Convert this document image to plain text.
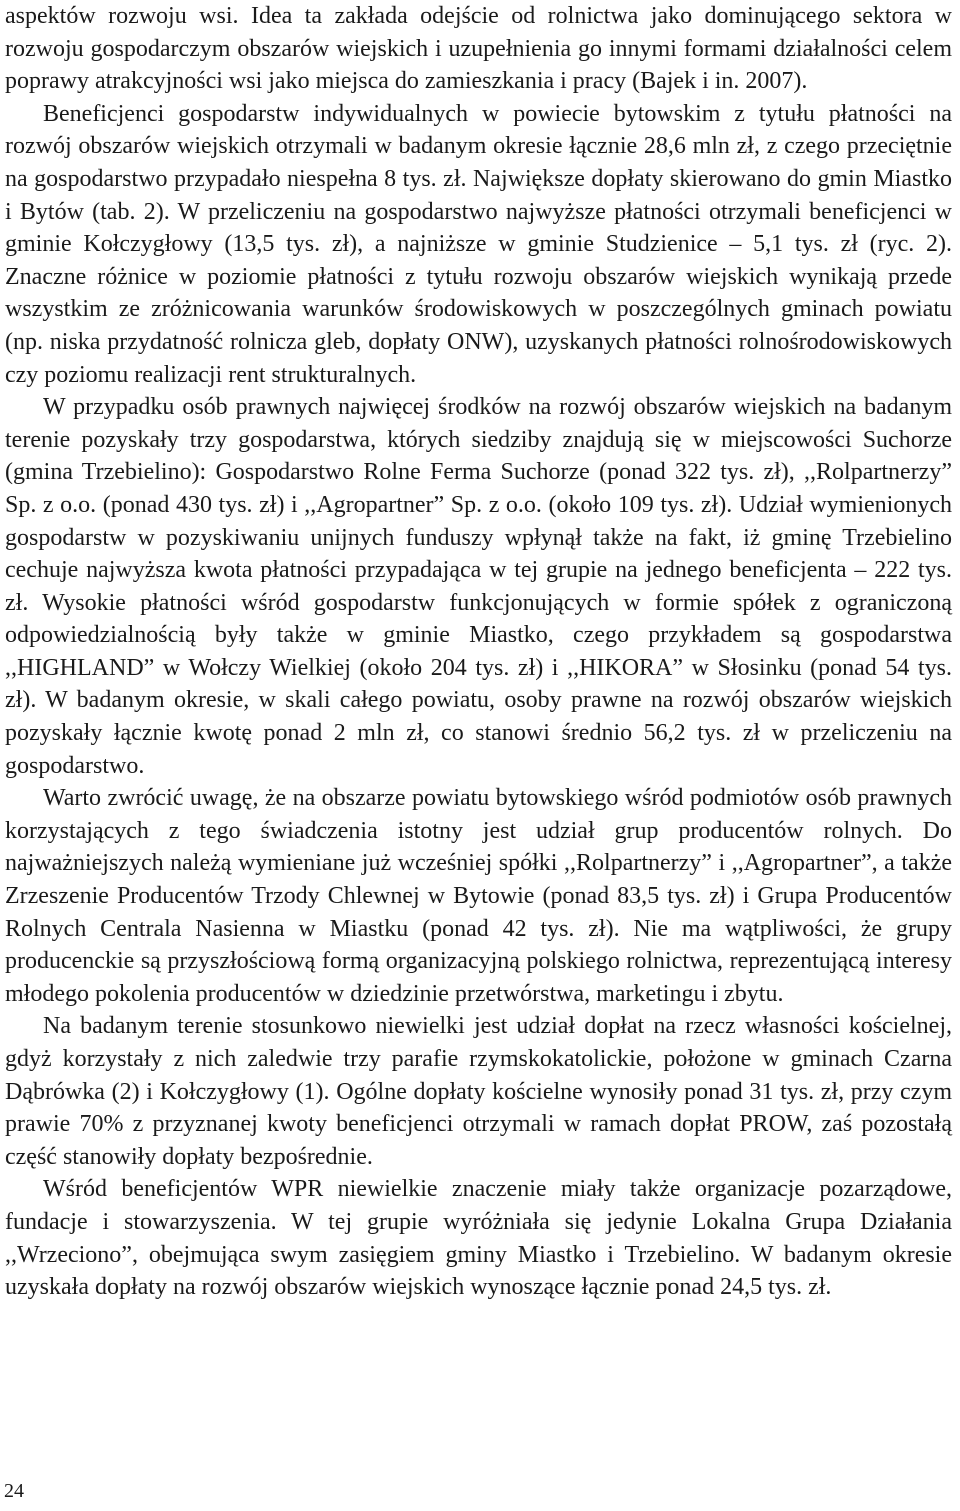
aspektów rozwoju wsi. Idea ta zakłada odejście od rolnictwa jako dominującego sektora w rozwoju gospodarczym obszarów wiejskich i uzupełnienia go innymi formami działalności celem poprawy atrakcyjności wsi jako miejsca do zamieszkania i pracy (Bajek i in. 2007).

Beneficjenci gospodarstw indywidualnych w powiecie bytowskim z tytułu płatności na rozwój obszarów wiejskich otrzymali w badanym okresie łącznie 28,6 mln zł, z czego przeciętnie na gospodarstwo przypadało niespełna 8 tys. zł. Największe dopłaty skierowano do gmin Miastko i Bytów (tab. 2). W przeliczeniu na gospodarstwo najwyższe płatności otrzymali beneficjenci w gminie Kołczygłowy (13,5 tys. zł), a najniższe w gminie Studzienice – 5,1 tys. zł (ryc. 2). Znaczne różnice w poziomie płatności z tytułu rozwoju obszarów wiejskich wynikają przede wszystkim ze zróżnicowania warunków środowiskowych w poszczególnych gminach powiatu (np. niska przydatność rolnicza gleb, dopłaty ONW), uzyskanych płatności rolnośrodowiskowych czy poziomu realizacji rent strukturalnych.

W przypadku osób prawnych najwięcej środków na rozwój obszarów wiejskich na badanym terenie pozyskały trzy gospodarstwa, których siedziby znajdują się w miejscowości Suchorze (gmina Trzebielino): Gospodarstwo Rolne Ferma Suchorze (ponad 322 tys. zł), ,,Rolpartnerzy” Sp. z o.o. (ponad 430 tys. zł) i ,,Agropartner” Sp. z o.o. (około 109 tys. zł). Udział wymienionych gospodarstw w pozyskiwaniu unijnych funduszy wpłynął także na fakt, iż gminę Trzebielino cechuje najwyższa kwota płatności przypadająca w tej grupie na jednego beneficjenta – 222 tys. zł. Wysokie płatności wśród gospodarstw funkcjonujących w formie spółek z ograniczoną odpowiedzialnością były także w gminie Miastko, czego przykładem są gospodarstwa ,,HIGHLAND” w Wołczy Wielkiej (około 204 tys. zł) i ,,HIKORA” w Słosinku (ponad 54 tys. zł). W badanym okresie, w skali całego powiatu, osoby prawne na rozwój obszarów wiejskich pozyskały łącznie kwotę ponad 2 mln zł, co stanowi średnio 56,2 tys. zł w przeliczeniu na gospodarstwo.

Warto zwrócić uwagę, że na obszarze powiatu bytowskiego wśród podmiotów osób prawnych korzystających z tego świadczenia istotny jest udział grup producentów rolnych. Do najważniejszych należą wymieniane już wcześniej spółki ,,Rolpartnerzy” i ,,Agropartner”, a także Zrzeszenie Producentów Trzody Chlewnej w Bytowie (ponad 83,5 tys. zł) i Grupa Producentów Rolnych Centrala Nasienna w Miastku (ponad 42 tys. zł). Nie ma wątpliwości, że grupy producenckie są przyszłościową formą organizacyjną polskiego rolnictwa, reprezentującą interesy młodego pokolenia producentów w dziedzinie przetwórstwa, marketingu i zbytu.

Na badanym terenie stosunkowo niewielki jest udział dopłat na rzecz własności kościelnej, gdyż korzystały z nich zaledwie trzy parafie rzymskokatolickie, położone w gminach Czarna Dąbrówka (2) i Kołczygłowy (1). Ogólne dopłaty kościelne wynosiły ponad 31 tys. zł, przy czym prawie 70% z przyznanej kwoty beneficjenci otrzymali w ramach dopłat PROW, zaś pozostałą część stanowiły dopłaty bezpośrednie.

Wśród beneficjentów WPR niewielkie znaczenie miały także organizacje pozarządowe, fundacje i stowarzyszenia. W tej grupie wyróżniała się jedynie Lokalna Grupa Działania ,,Wrzeciono”, obejmująca swym zasięgiem gminy Miastko i Trzebielino. W badanym okresie uzyskała dopłaty na rozwój obszarów wiejskich wynoszące łącznie ponad 24,5 tys. zł.

24
